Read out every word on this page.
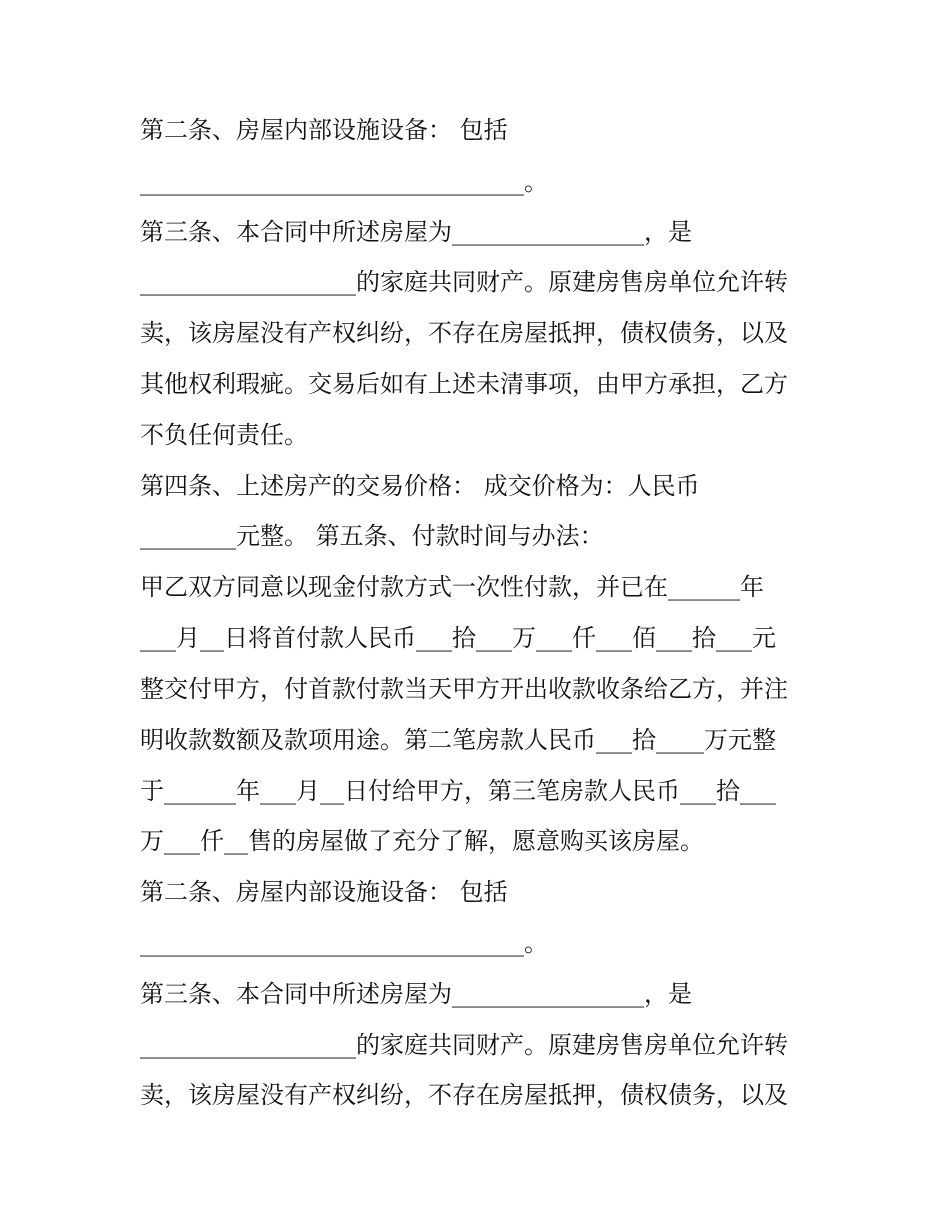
第二条、房屋内部设施设备： 包括
________________________________。
第三条、本合同中所述房屋为________________，是
__________________的家庭共同财产。原建房售房单位允许转
卖，该房屋没有产权纠纷，不存在房屋抵押，债权债务，以及
其他权利瑕疵。交易后如有上述未清事项，由甲方承担，乙方
不负任何责任。
第四条、上述房产的交易价格： 成交价格为：人民币
________元整。 第五条、付款时间与办法：
甲乙双方同意以现金付款方式一次性付款，并已在______年
___月__日将首付款人民币___拾___万___仟___佰___拾___元
整交付甲方，付首款付款当天甲方开出收款收条给乙方，并注
明收款数额及款项用途。第二笔房款人民币___拾____万元整
于______年___月__日付给甲方，第三笔房款人民币___拾___
万___仟__售的房屋做了充分了解，愿意购买该房屋。
第二条、房屋内部设施设备： 包括
________________________________。
第三条、本合同中所述房屋为________________，是
__________________的家庭共同财产。原建房售房单位允许转
卖，该房屋没有产权纠纷，不存在房屋抵押，债权债务，以及
